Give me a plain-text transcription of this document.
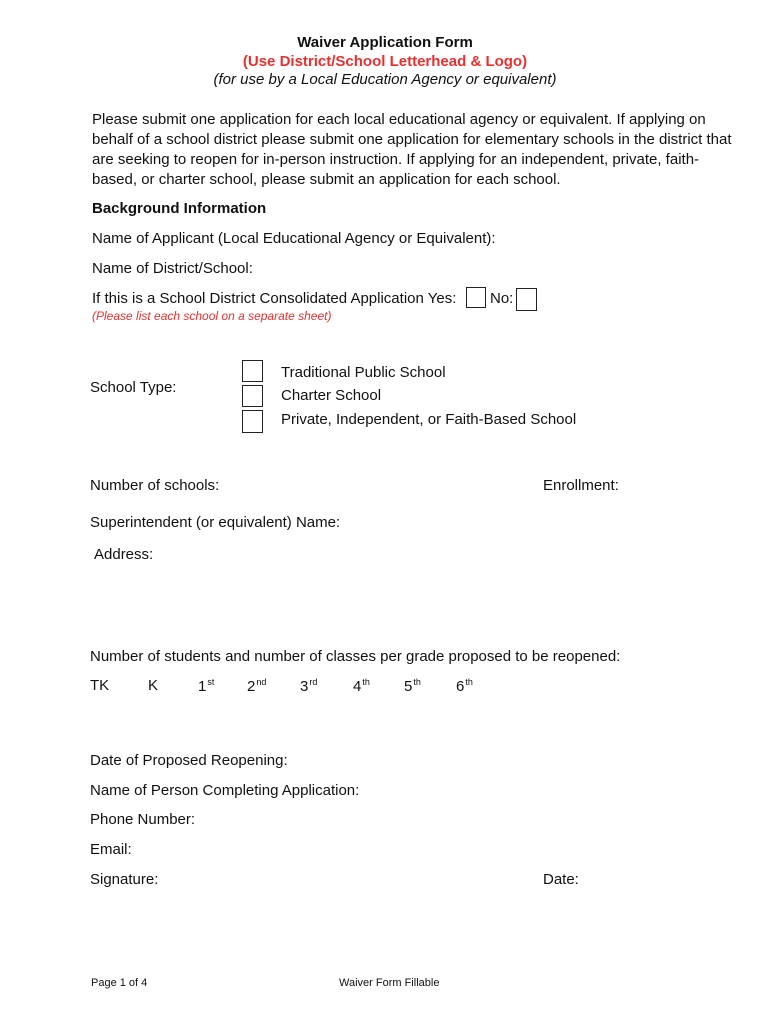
Waiver Application Form
(Use District/School Letterhead & Logo)
(for use by a Local Education Agency or equivalent)
Please submit one application for each local educational agency or equivalent. If applying on behalf of a school district please submit one application for elementary schools in the district that are seeking to reopen for in-person instruction. If applying for an independent, private, faith-based, or charter school, please submit an application for each school.
Background Information
Name of Applicant (Local Educational Agency or Equivalent):
Name of District/School:
If this is a School District Consolidated Application Yes: No:
(Please list each school on a separate sheet)
School Type:
Traditional Public School
Charter School
Private, Independent, or Faith-Based School
Number of schools:	Enrollment:
Superintendent (or equivalent) Name:
Address:
Number of students and number of classes per grade proposed to be reopened:
TK	K	1st 2nd 3rd 4th 5th 6th
Date of Proposed Reopening:
Name of Person Completing Application:
Phone Number:
Email:
Signature:	Date:
Page 1 of 4	Waiver Form Fillable
